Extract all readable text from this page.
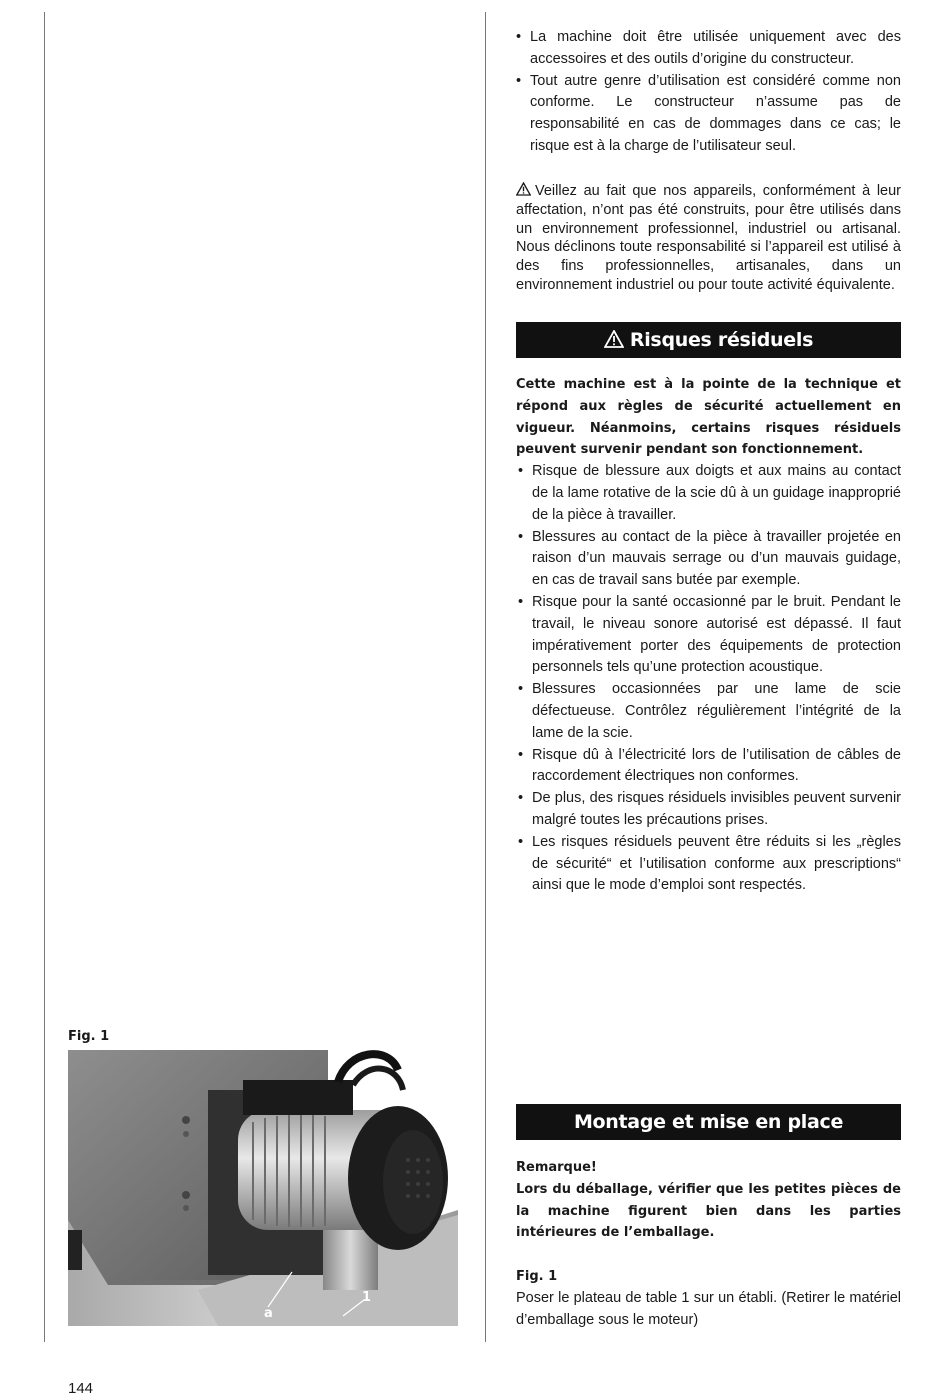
• La machine doit être utilisée uniquement avec des accessoires et des outils d’origine du constructeur.
• Tout autre genre d’utilisation est considéré comme non conforme. Le constructeur n’assume pas de responsabilité en cas de dommages dans ce cas; le risque est à la charge de l’utilisateur seul.
Veillez au fait que nos appareils, conformément à leur affectation, n’ont pas été construits, pour être utilisés dans un environnement professionnel, industriel ou artisanal. Nous déclinons toute responsabilité si l’appareil est utilisé à des fins professionnelles, artisanales, dans un environnement industriel ou pour toute activité équivalente.
Risques résiduels

Cette machine est à la pointe de la technique et répond aux règles de sécurité actuellement en vigueur. Néanmoins, certains risques résiduels peuvent survenir pendant son fonctionnement.

• Risque de blessure aux doigts et aux mains au contact de la lame rotative de la scie dû à un guidage inapproprié de la pièce à travailler.
• Blessures au contact de la pièce à travailler projetée en raison d’un mauvais serrage ou d’un mauvais guidage, en cas de travail sans butée par exemple.
• Risque pour la santé occasionné par le bruit. Pendant le travail, le niveau sonore autorisé est dépassé. Il faut impérativement porter des équipements de protection personnels tels qu’une protection acoustique.
• Blessures occasionnées par une lame de scie défectueuse. Contrôlez régulièrement l’intégrité de la lame de la scie.
• Risque dû à l’électricité lors de l’utilisation de câbles de raccordement électriques non conformes.
• De plus, des risques résiduels invisibles peuvent survenir malgré toutes les précautions prises.
• Les risques résiduels peuvent être réduits si les „règles de sécurité“ et l’utilisation conforme aux prescriptions“ ainsi que le mode d’emploi sont respectés.
Fig. 1
a
1
Montage et mise en place

Remarque!

Lors du déballage, vérifier que les petites pièces de la machine figurent bien dans les parties intérieures de l’emballage.

Fig. 1

Poser le plateau de table 1 sur un établi. (Retirer le matériel d’emballage sous le moteur)

144
